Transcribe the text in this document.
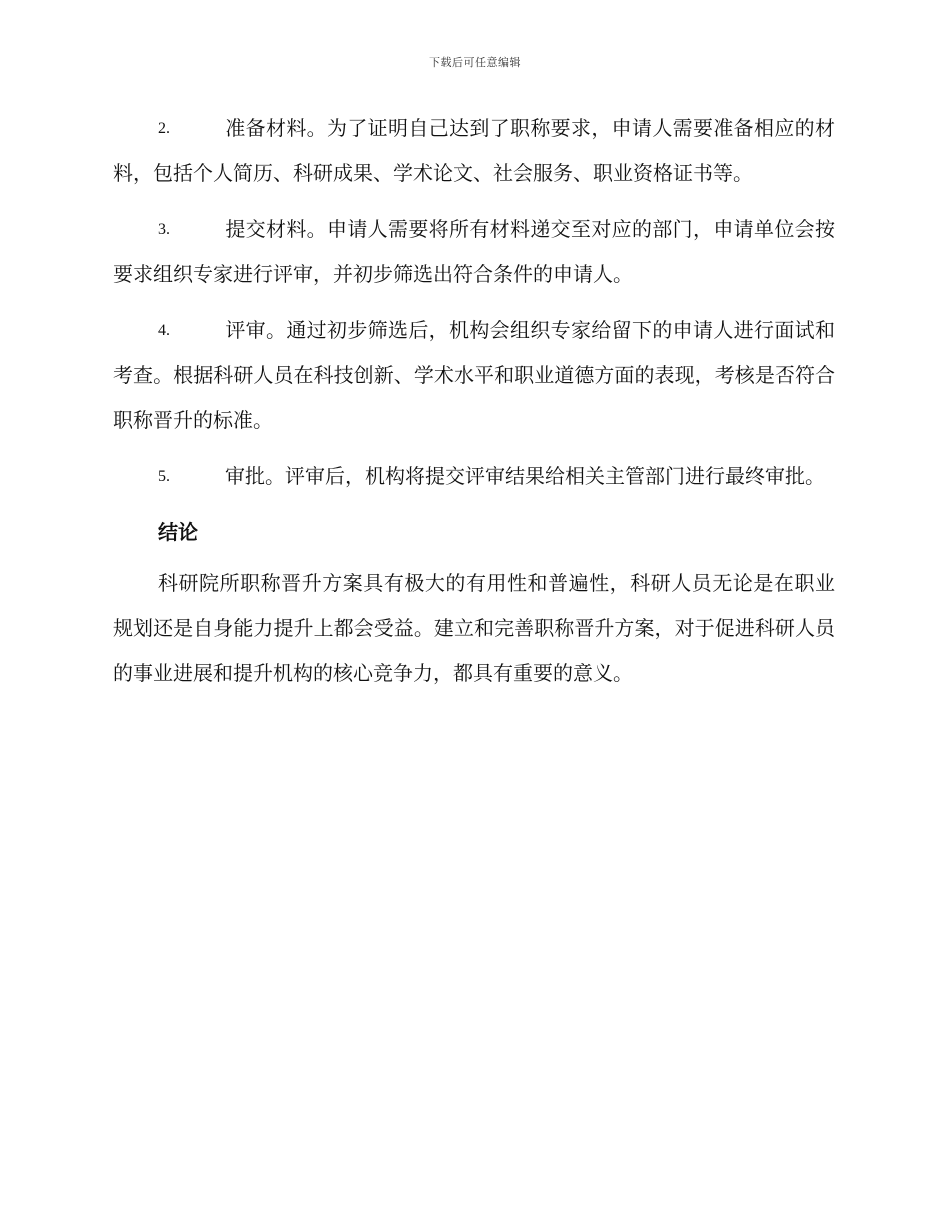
下载后可任意编辑

2.	准备材料。为了证明自己达到了职称要求，申请人需要准备相应的材料，包括个人简历、科研成果、学术论文、社会服务、职业资格证书等。

3.	提交材料。申请人需要将所有材料递交至对应的部门，申请单位会按要求组织专家进行评审，并初步筛选出符合条件的申请人。

4.	评审。通过初步筛选后，机构会组织专家给留下的申请人进行面试和考查。根据科研人员在科技创新、学术水平和职业道德方面的表现，考核是否符合职称晋升的标准。

5.	审批。评审后，机构将提交评审结果给相关主管部门进行最终审批。

结论

科研院所职称晋升方案具有极大的有用性和普遍性，科研人员无论是在职业规划还是自身能力提升上都会受益。建立和完善职称晋升方案，对于促进科研人员的事业进展和提升机构的核心竞争力，都具有重要的意义。
